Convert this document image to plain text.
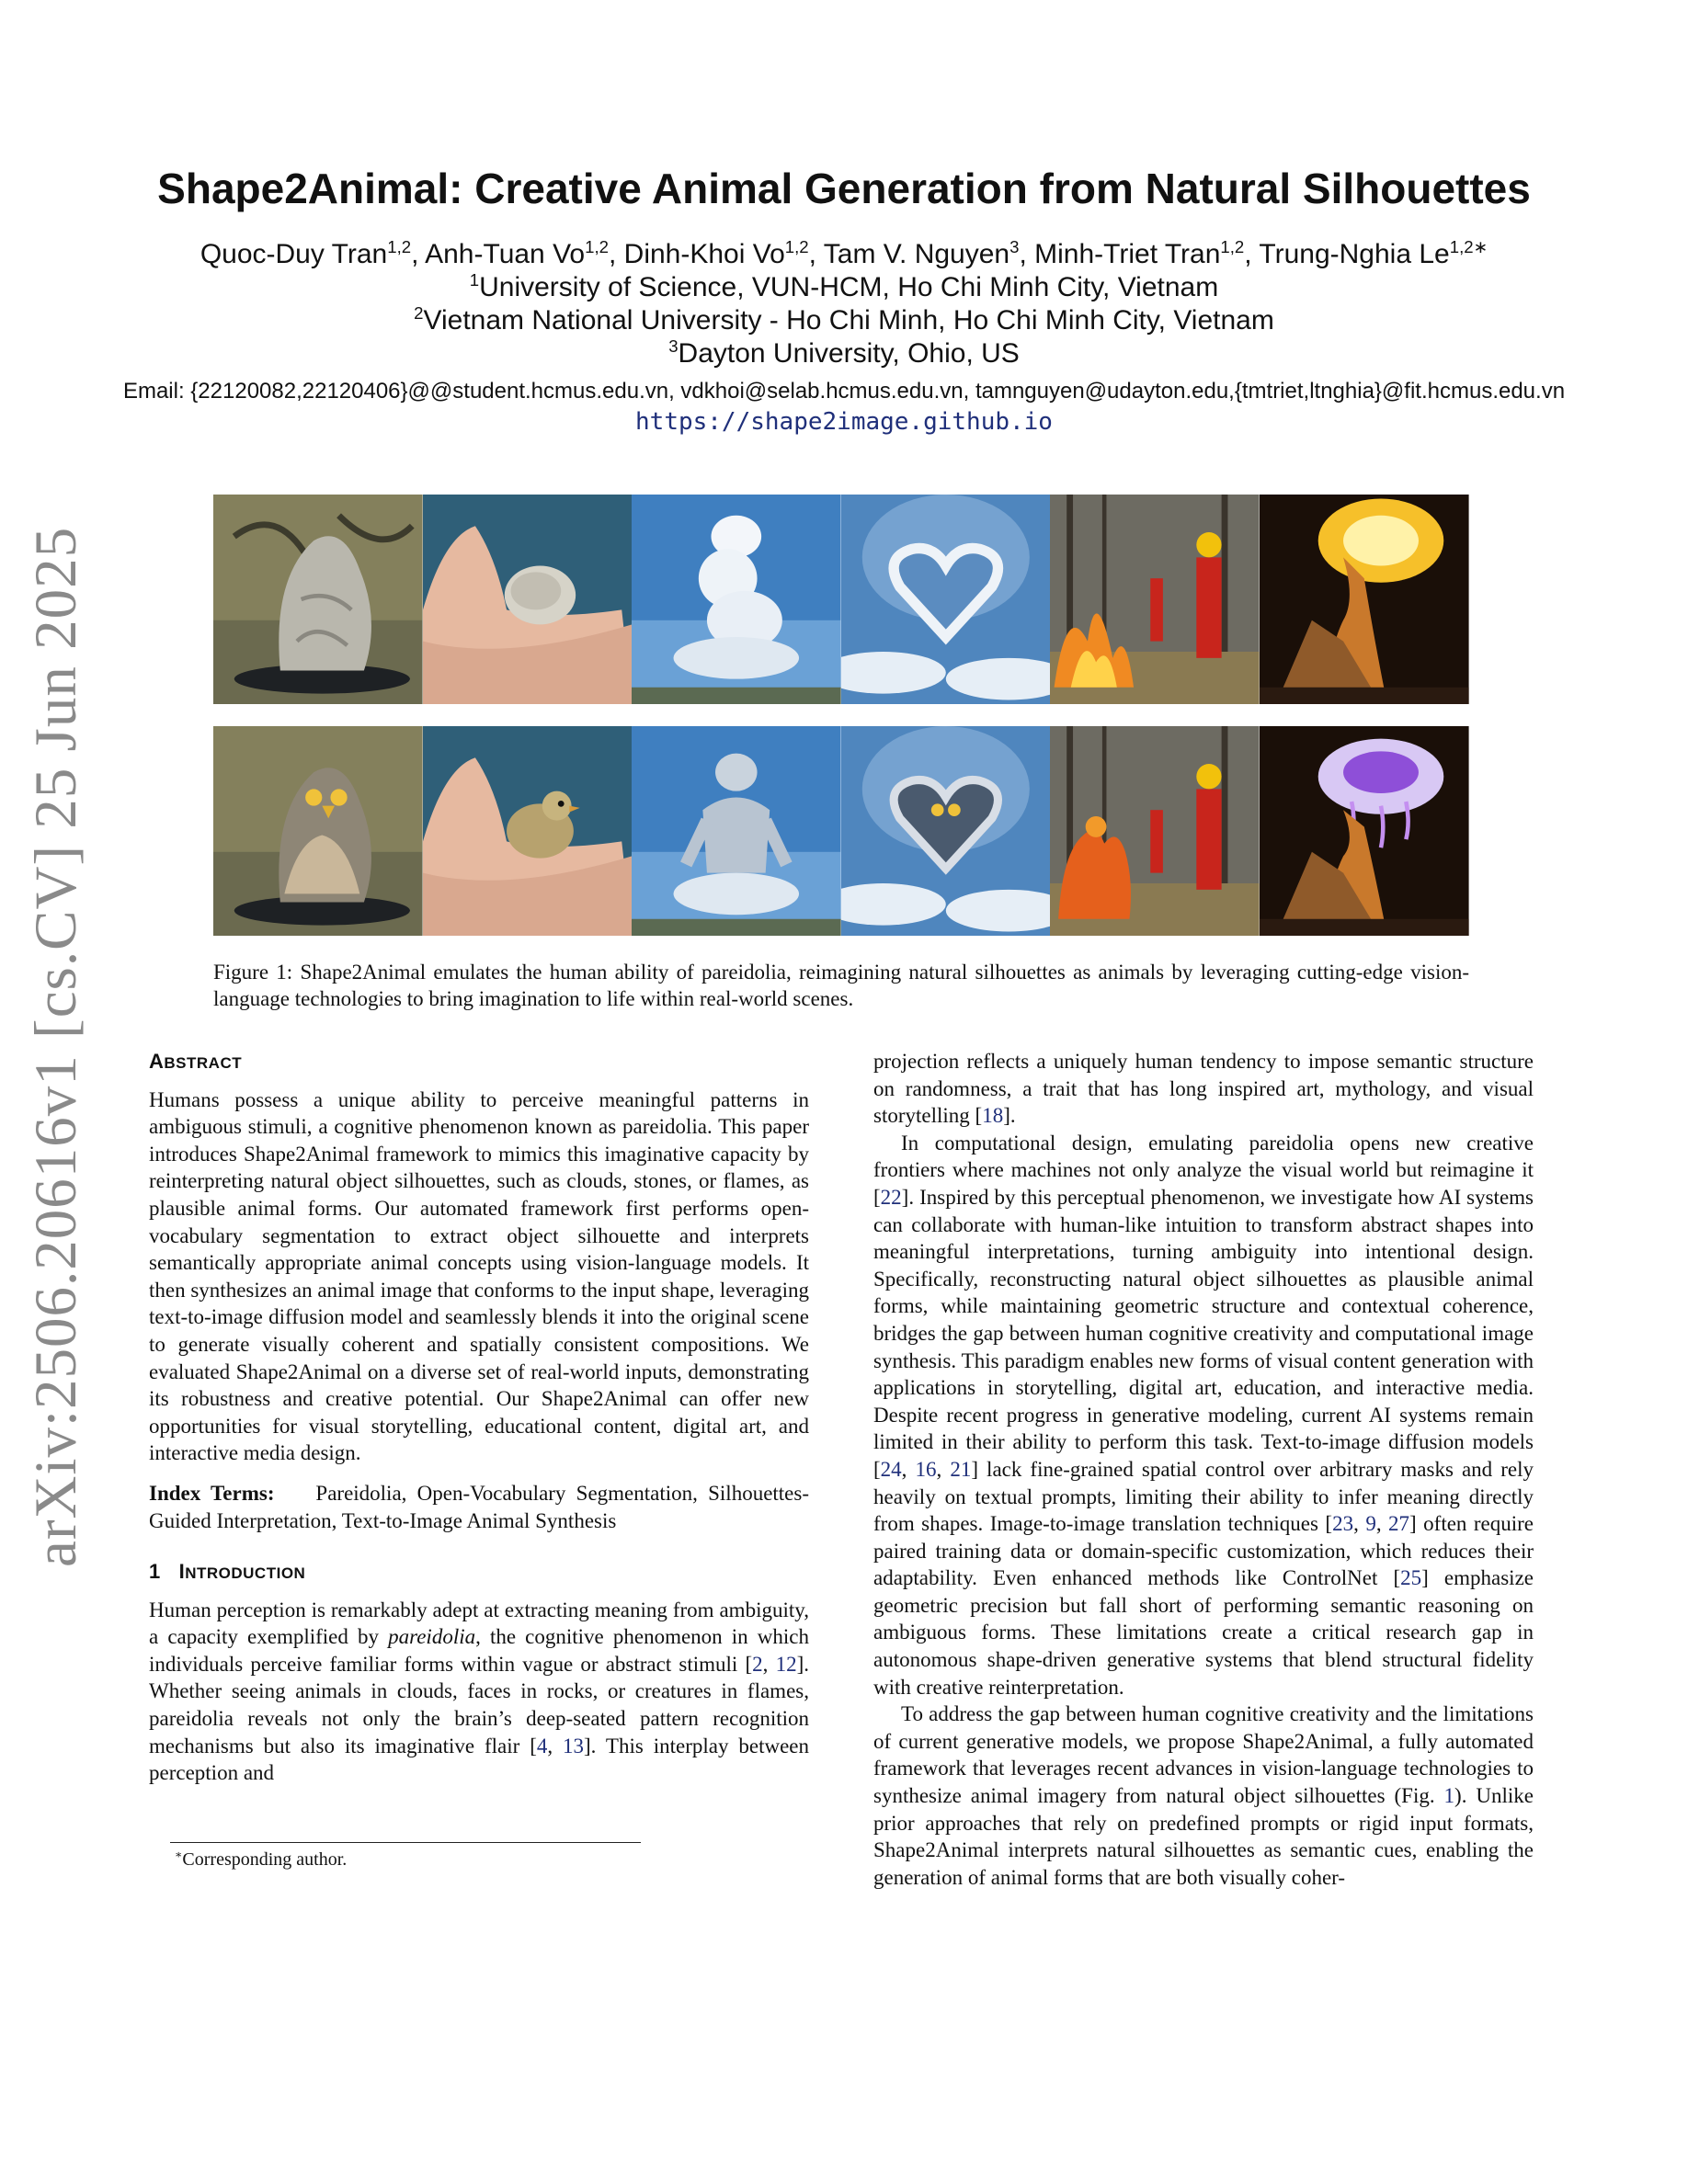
arXiv:2506.20616v1 [cs.CV] 25 Jun 2025
Shape2Animal: Creative Animal Generation from Natural Silhouettes
Quoc-Duy Tran$^{1,2}$, Anh-Tuan Vo$^{1,2}$, Dinh-Khoi Vo$^{1,2}$, Tam V. Nguyen$^3$, Minh-Triet Tran$^{1,2}$, Trung-Nghia $Le^{1,2∗}$
$^1$University of Science, VUN-HCM, Ho Chi Minh City, Vietnam
$^2$Vietnam National University - Ho Chi Minh, Ho Chi Minh City, Vietnam
$^3$Dayton University, Ohio, US
Email: {22120082,22120406}@@student.hcmus.edu.vn, vdkhoi@selab.hcmus.edu.vn, tamnguyen@udayton.edu,{tmtriet,ltnghia}@fit.hcmus.edu.vn
https://shape2image.github.io
Figure 1: Shape2Animal emulates the human ability of pareidolia, reimagining natural silhouettes as animals by leveraging cutting-edge vision-language technologies to bring imagination to life within real-world scenes.
ABSTRACT

Humans possess a unique ability to perceive meaningful patterns in ambiguous stimuli, a cognitive phenomenon known as pareidolia. This paper introduces Shape2Animal framework to mimics this imaginative capacity by reinterpreting natural object silhouettes, such as clouds, stones, or flames, as plausible animal forms. Our automated framework first performs open-vocabulary segmentation to extract object silhouette and interprets semantically appropriate animal concepts using vision-language models. It then synthesizes an animal image that conforms to the input shape, leveraging text-to-image diffusion model and seamlessly blends it into the original scene to generate visually coherent and spatially consistent compositions. We evaluated Shape2Animal on a diverse set of real-world inputs, demonstrating its robustness and creative potential. Our Shape2Animal can offer new opportunities for visual storytelling, educational content, digital art, and interactive media design.

Index Terms: Pareidolia, Open-Vocabulary Segmentation, Silhouettes-Guided Interpretation, Text-to-Image Animal Synthesis

1 INTRODUCTION

Human perception is remarkably adept at extracting meaning from ambiguity, a capacity exemplified by pareidolia, the cognitive phenomenon in which individuals perceive familiar forms within vague or abstract stimuli [2, 12]. Whether seeing animals in clouds, faces in rocks, or creatures in flames, pareidolia reveals not only the brain’s deep-seated pattern recognition mechanisms but also its imaginative flair [4, 13]. This interplay between perception and

∗Corresponding author.

projection reflects a uniquely human tendency to impose semantic structure on randomness, a trait that has long inspired art, mythology, and visual storytelling [18].

In computational design, emulating pareidolia opens new creative frontiers where machines not only analyze the visual world but reimagine it [22]. Inspired by this perceptual phenomenon, we investigate how AI systems can collaborate with human-like intuition to transform abstract shapes into meaningful interpretations, turning ambiguity into intentional design. Specifically, reconstructing natural object silhouettes as plausible animal forms, while maintaining geometric structure and contextual coherence, bridges the gap between human cognitive creativity and computational image synthesis. This paradigm enables new forms of visual content generation with applications in storytelling, digital art, education, and interactive media. Despite recent progress in generative modeling, current AI systems remain limited in their ability to perform this task. Text-to-image diffusion models [24, 16, 21] lack fine-grained spatial control over arbitrary masks and rely heavily on textual prompts, limiting their ability to infer meaning directly from shapes. Image-to-image translation techniques [23, 9, 27] often require paired training data or domain-specific customization, which reduces their adaptability. Even enhanced methods like ControlNet [25] emphasize geometric precision but fall short of performing semantic reasoning on ambiguous forms. These limitations create a critical research gap in autonomous shape-driven generative systems that blend structural fidelity with creative reinterpretation.

To address the gap between human cognitive creativity and the limitations of current generative models, we propose Shape2Animal, a fully automated framework that leverages recent advances in vision-language technologies to synthesize animal imagery from natural object silhouettes (Fig. 1). Unlike prior approaches that rely on predefined prompts or rigid input formats, Shape2Animal interprets natural silhouettes as semantic cues, enabling the generation of animal forms that are both visually coher-
